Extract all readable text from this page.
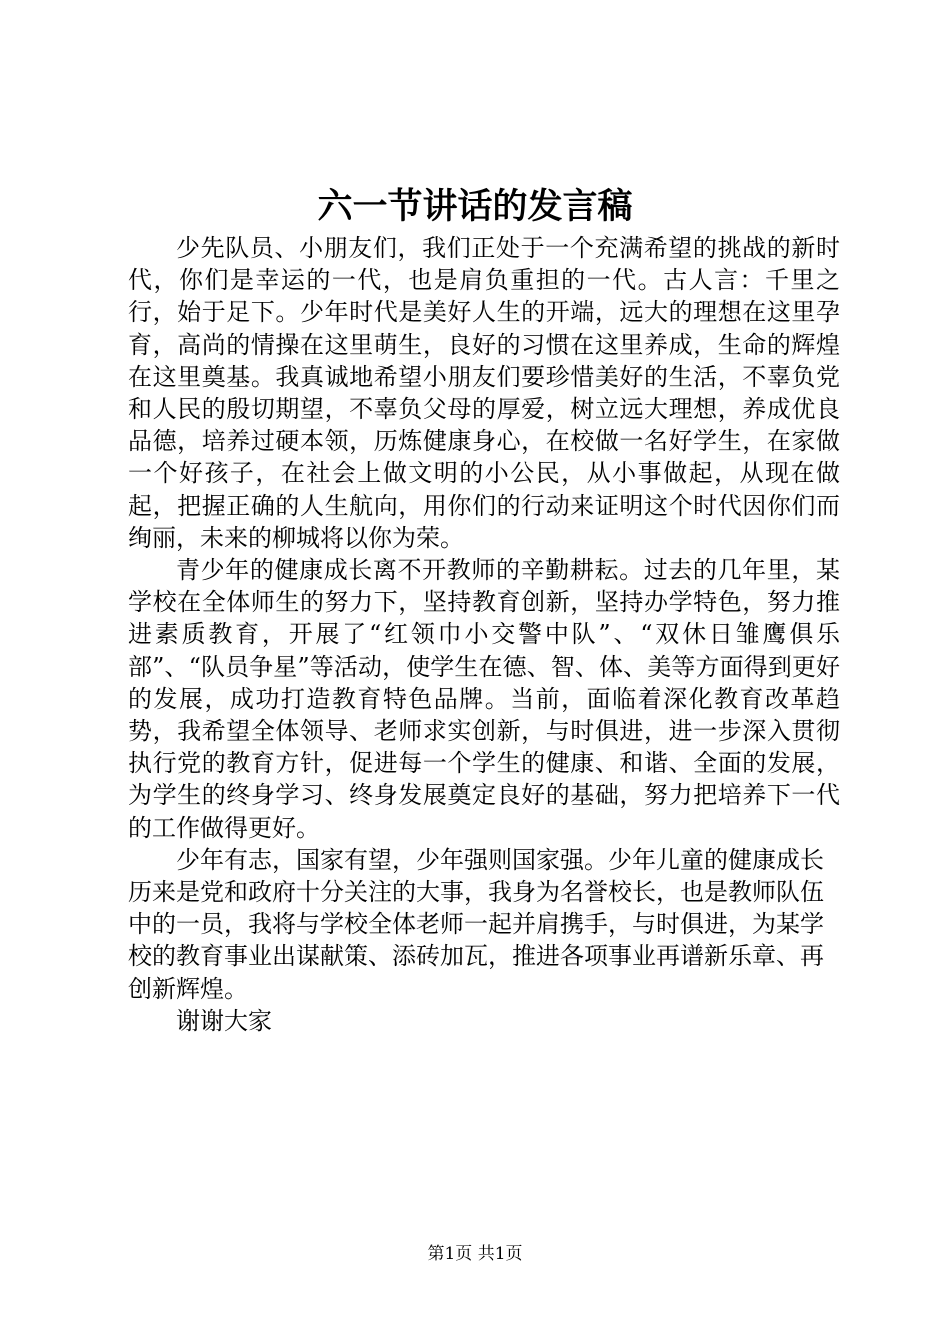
六一节讲话的发言稿

少先队员、小朋友们，我们正处于一个充满希望的挑战的新时代，你们是幸运的一代，也是肩负重担的一代。古人言：千里之行，始于足下。少年时代是美好人生的开端，远大的理想在这里孕育，高尚的情操在这里萌生，良好的习惯在这里养成，生命的辉煌在这里奠基。我真诚地希望小朋友们要珍惜美好的生活，不辜负党和人民的殷切期望，不辜负父母的厚爱，树立远大理想，养成优良品德，培养过硬本领，历炼健康身心，在校做一名好学生，在家做一个好孩子，在社会上做文明的小公民，从小事做起，从现在做起，把握正确的人生航向，用你们的行动来证明这个时代因你们而绚丽，未来的柳城将以你为荣。

青少年的健康成长离不开教师的辛勤耕耘。过去的几年里，某学校在全体师生的努力下，坚持教育创新，坚持办学特色，努力推进素质教育，开展了“红领巾小交警中队”、“双休日雏鹰俱乐部”、“队员争星”等活动，使学生在德、智、体、美等方面得到更好的发展，成功打造教育特色品牌。当前，面临着深化教育改革趋势，我希望全体领导、老师求实创新，与时俱进，进一步深入贯彻执行党的教育方针，促进每一个学生的健康、和谐、全面的发展，为学生的终身学习、终身发展奠定良好的基础，努力把培养下一代的工作做得更好。

少年有志，国家有望，少年强则国家强。少年儿童的健康成长历来是党和政府十分关注的大事，我身为名誉校长，也是教师队伍中的一员，我将与学校全体老师一起并肩携手，与时俱进，为某学校的教育事业出谋献策、添砖加瓦，推进各项事业再谱新乐章、再创新辉煌。

谢谢大家

第1页 共1页
